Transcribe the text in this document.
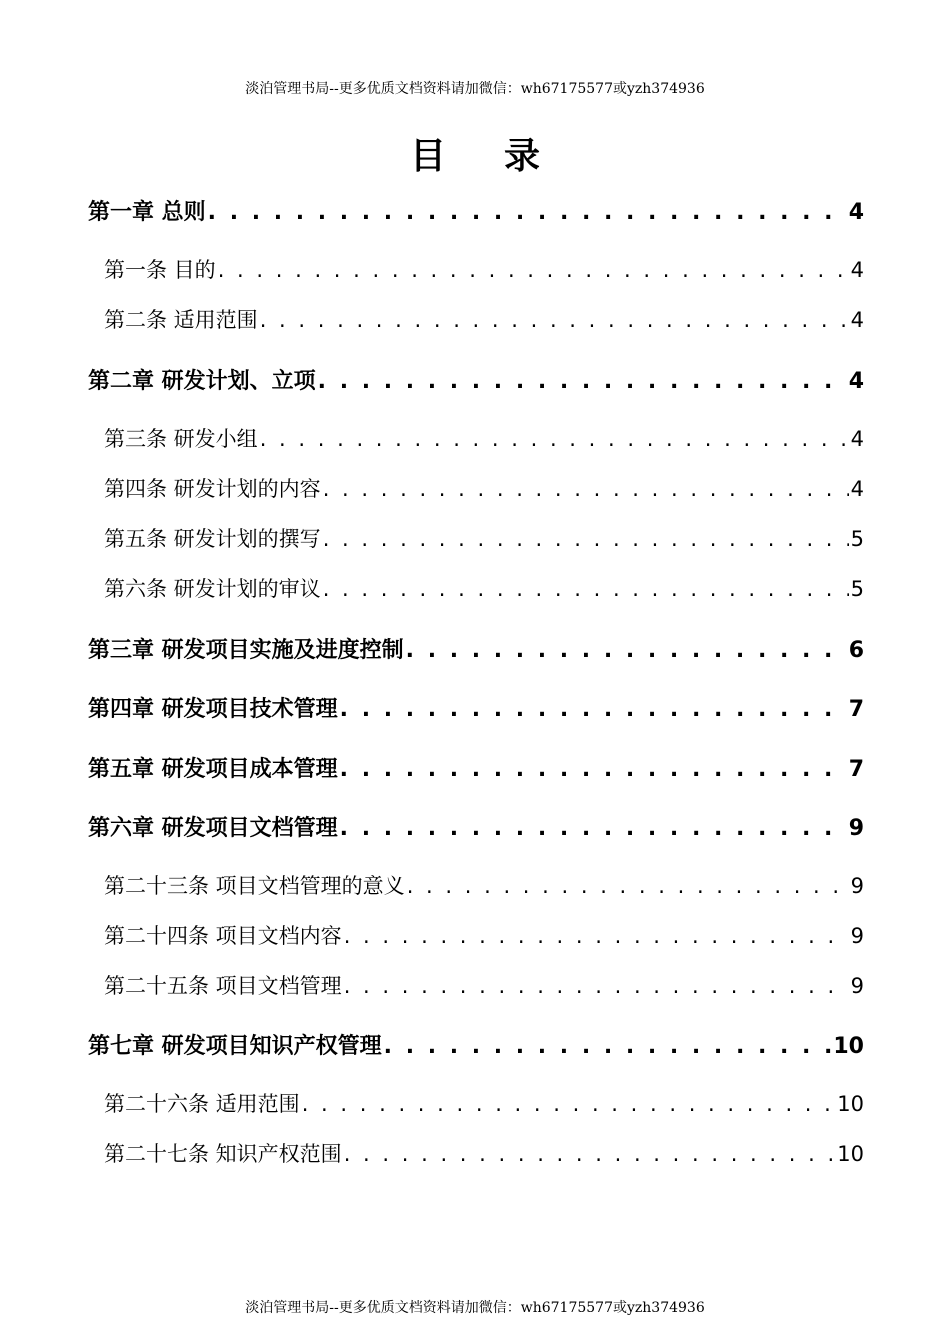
淡泊管理书局--更多优质文档资料请加微信：wh67175577或yzh374936
目录
第一章 总则 . . .	4
第一条 目的 . . .	4
第二条 适用范围 . . .	4
第二章 研发计划、立项 . . .	4
第三条 研发小组 . . .	4
第四条 研发计划的内容 . . .	4
第五条 研发计划的撰写 . . .	5
第六条 研发计划的审议 . . .	5
第三章 研发项目实施及进度控制 . . .	6
第四章 研发项目技术管理 . . .	7
第五章 研发项目成本管理 . . .	7
第六章 研发项目文档管理 . . .	9
第二十三条 项目文档管理的意义 . . .	9
第二十四条 项目文档内容 . . .	9
第二十五条 项目文档管理 . . .	9
第七章 研发项目知识产权管理 . . .	10
第二十六条 适用范围 . . .	10
第二十七条 知识产权范围 . . .	10
淡泊管理书局--更多优质文档资料请加微信：wh67175577或yzh374936
